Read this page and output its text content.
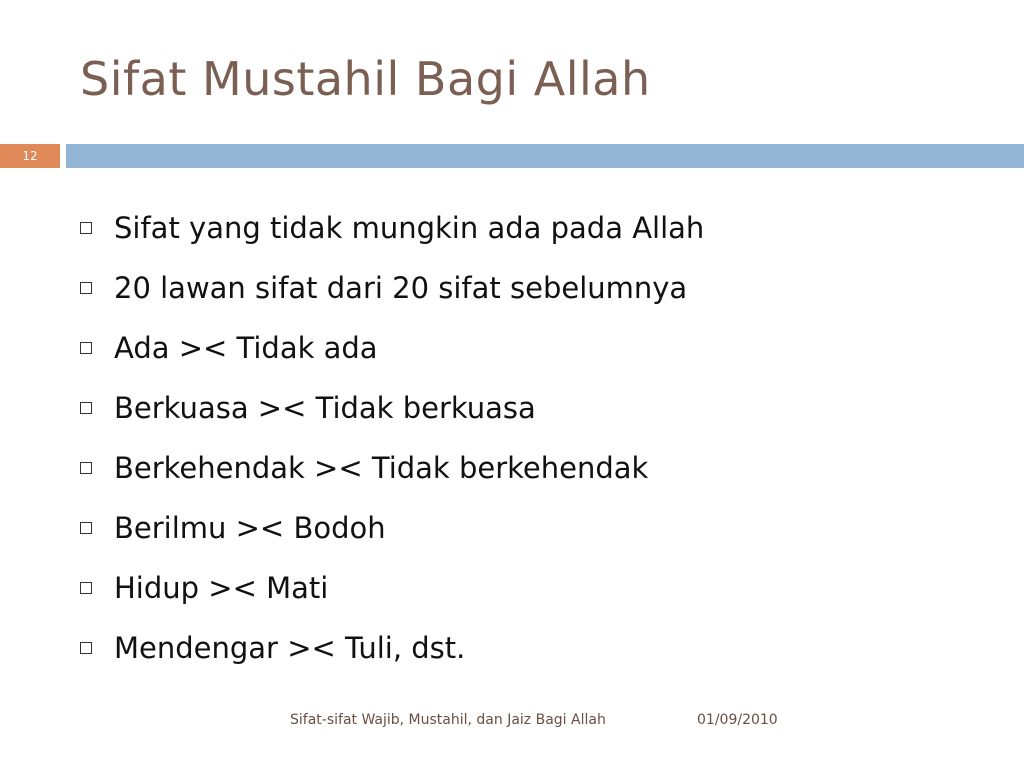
Sifat Mustahil Bagi Allah
12
Sifat yang tidak mungkin ada pada Allah
20 lawan sifat dari 20 sifat sebelumnya
Ada >< Tidak ada
Berkuasa >< Tidak berkuasa
Berkehendak >< Tidak berkehendak
Berilmu >< Bodoh
Hidup >< Mati
Mendengar >< Tuli, dst.
Sifat-sifat Wajib, Mustahil, dan Jaiz Bagi Allah	01/09/2010
